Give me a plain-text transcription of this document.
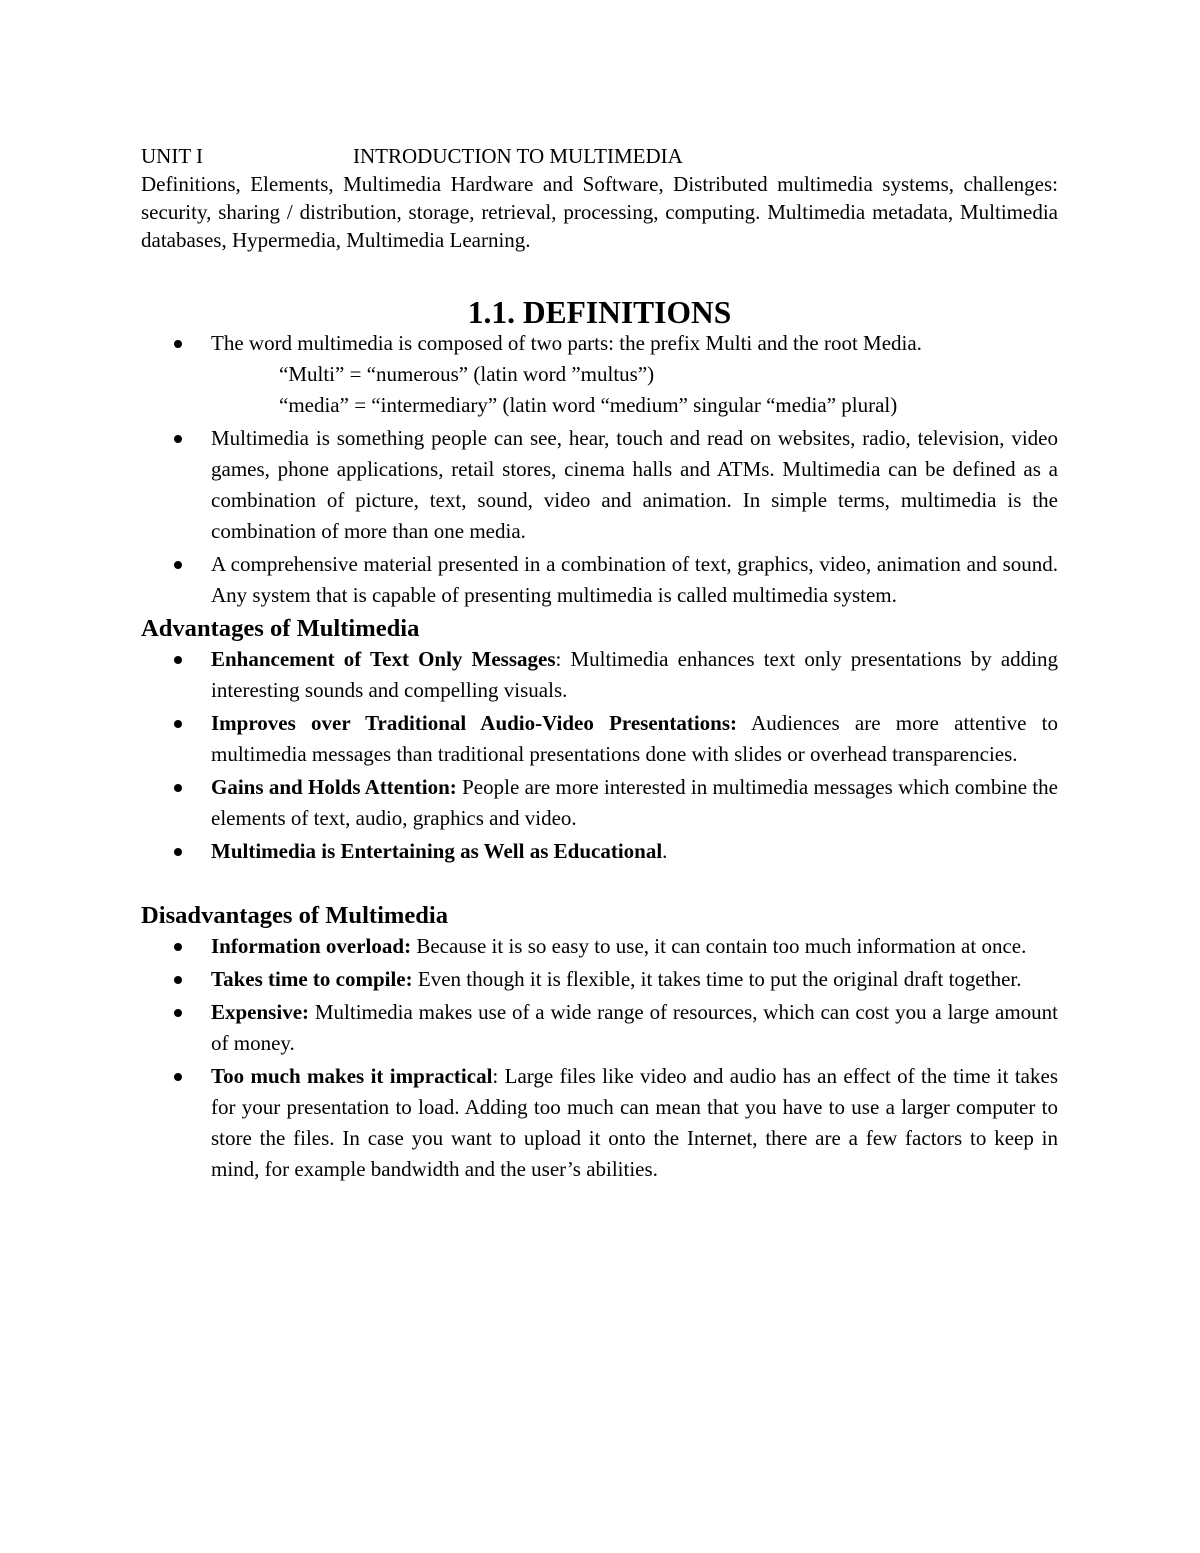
UNIT I	INTRODUCTION TO MULTIMEDIA

Definitions, Elements, Multimedia Hardware and Software, Distributed multimedia systems, challenges: security, sharing / distribution, storage, retrieval, processing, computing. Multimedia metadata, Multimedia databases, Hypermedia, Multimedia Learning.

1.1. DEFINITIONS
The word multimedia is composed of two parts: the prefix Multi and the root Media.
“Multi” = “numerous” (latin word ”multus”)
“media” = “intermediary” (latin word “medium” singular “media” plural)
Multimedia is something people can see, hear, touch and read on websites, radio, television, video games, phone applications, retail stores, cinema halls and ATMs. Multimedia can be defined as a combination of picture, text, sound, video and animation. In simple terms, multimedia is the combination of more than one media.
A comprehensive material presented in a combination of text, graphics, video, animation and sound. Any system that is capable of presenting multimedia is called multimedia system.
Advantages of Multimedia
Enhancement of Text Only Messages: Multimedia enhances text only presentations by adding interesting sounds and compelling visuals.
Improves over Traditional Audio-Video Presentations: Audiences are more attentive to multimedia messages than traditional presentations done with slides or overhead transparencies.
Gains and Holds Attention: People are more interested in multimedia messages which combine the elements of text, audio, graphics and video.
Multimedia is Entertaining as Well as Educational.
Disadvantages of Multimedia
Information overload: Because it is so easy to use, it can contain too much information at once.
Takes time to compile: Even though it is flexible, it takes time to put the original draft together.
Expensive: Multimedia makes use of a wide range of resources, which can cost you a large amount of money.
Too much makes it impractical: Large files like video and audio has an effect of the time it takes for your presentation to load. Adding too much can mean that you have to use a larger computer to store the files. In case you want to upload it onto the Internet, there are a few factors to keep in mind, for example bandwidth and the user’s abilities.
